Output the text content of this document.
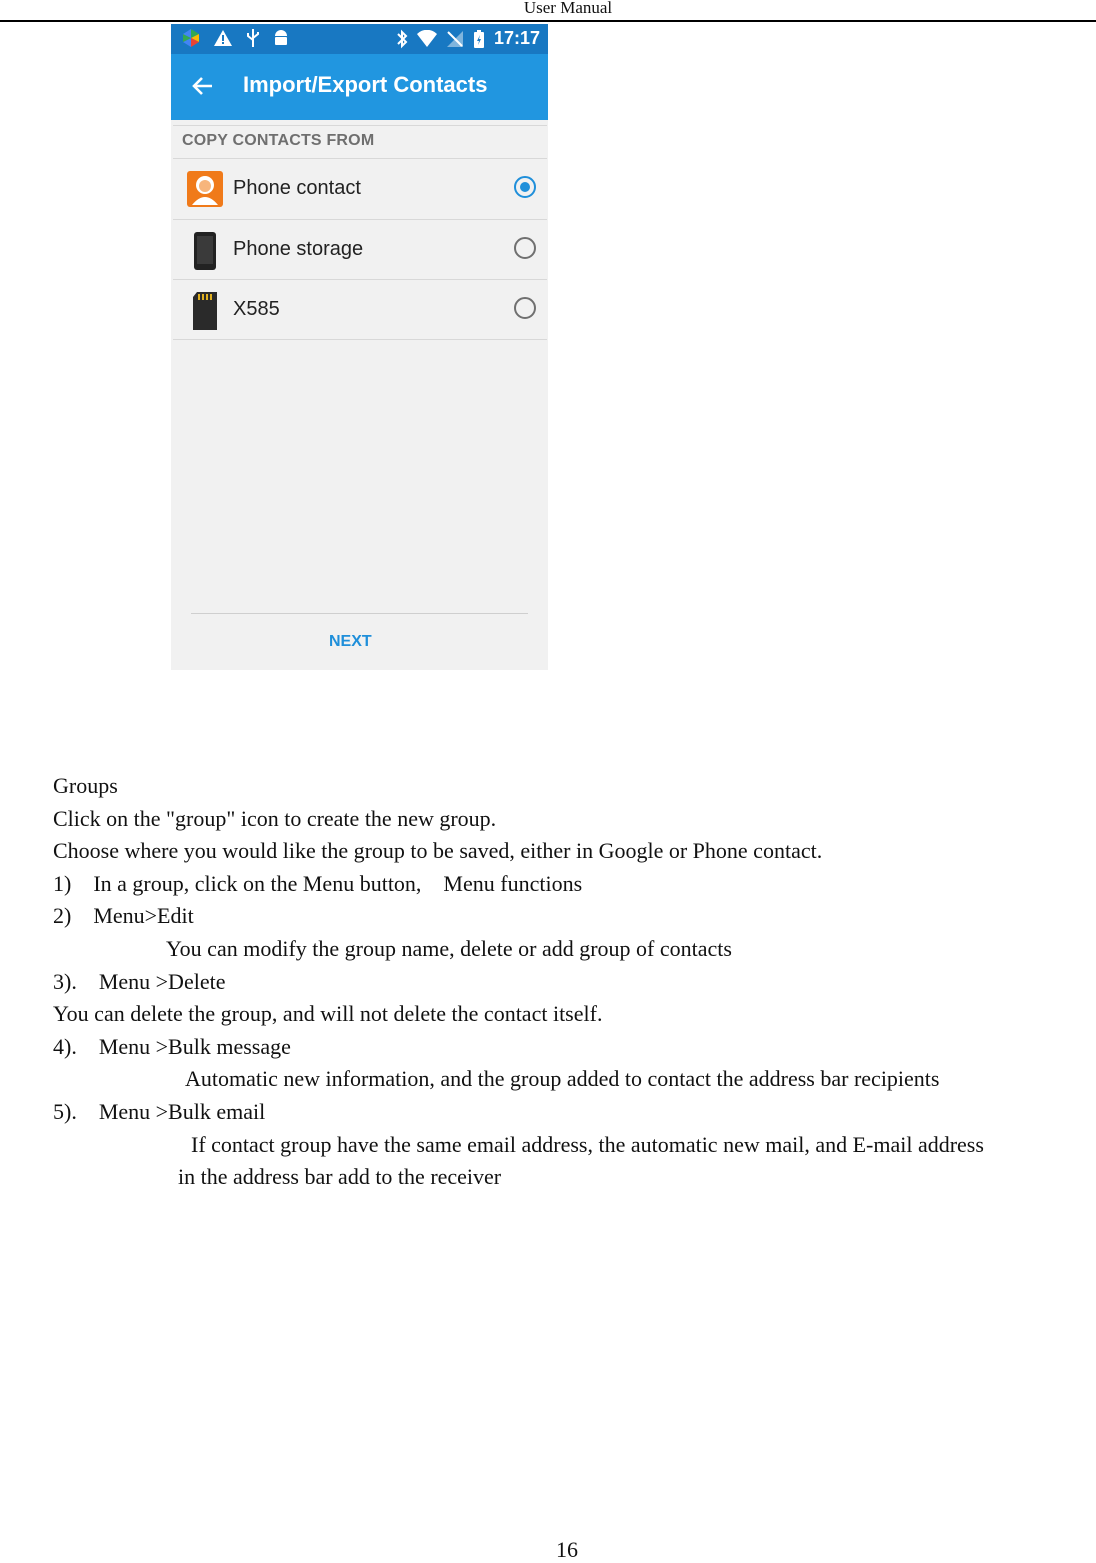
User Manual
17:17
Import/Export Contacts
COPY CONTACTS FROM
Phone contact
Phone storage
X585
NEXT
Groups
Click on the "group" icon to create the new group.
Choose where you would like the group to be saved, either in Google or Phone contact.
1)    In a group, click on the Menu button,    Menu functions
2)    Menu>Edit
You can modify the group name, delete or add group of contacts
3).    Menu >Delete
You can delete the group, and will not delete the contact itself.
4).    Menu >Bulk message
Automatic new information, and the group added to contact the address bar recipients
5).    Menu >Bulk email
If contact group have the same email address, the automatic new mail, and E-mail address
in the address bar add to the receiver
16
